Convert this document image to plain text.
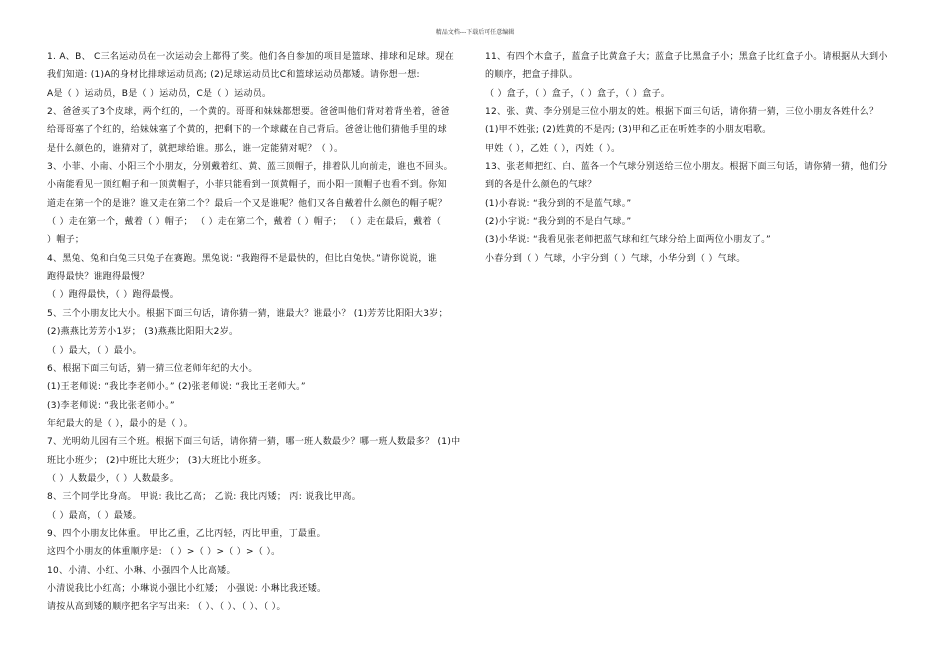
精品文档---下载后可任意编辑

1. A、B、 C三名运动员在一次运动会上都得了奖。他们各自参加的项目是篮球、排球和足球。现在

我们知道: (1)A的身材比排球运动员高; (2)足球运动员比C和篮球运动员都矮。请你想一想:

A是（ ）运动员，B是（ ）运动员，C是（ ）运动员。

2、爸爸买了3个皮球，两个红的，一个黄的。哥哥和妹妹都想要。爸爸叫他们背对着背坐着，爸爸

给哥哥塞了个红的，给妹妹塞了个黄的，把剩下的一个球藏在自己背后。爸爸让他们猜他手里的球

是什么颜色的，谁猜对了，就把球给谁。那么，谁一定能猜对呢？（ ）。

3、小菲、小南、小阳三个小朋友，分别戴着红、黄、蓝三顶帽子，排着队儿向前走，谁也不回头。

小南能看见一顶红帽子和一顶黄帽子，小菲只能看到一顶黄帽子，而小阳一顶帽子也看不到。你知

道走在第一个的是谁？谁又走在第二个？最后一个又是谁呢？他们又各自戴着什么颜色的帽子呢？

（ ）走在第一个，戴着（ ）帽子； （ ）走在第二个，戴着（ ）帽子； （ ）走在最后，戴着（

）帽子；

4、黑兔、兔和白兔三只兔子在赛跑。黑兔说: “我跑得不是最快的，但比白兔快。”请你说说，谁

跑得最快？谁跑得最慢？

（ ）跑得最快，（ ）跑得最慢。

5、三个小朋友比大小。根据下面三句话，请你猜一猜，谁最大？谁最小？ (1)芳芳比阳阳大3岁；

(2)燕燕比芳芳小1岁； (3)燕燕比阳阳大2岁。

（ ）最大，（ ）最小。

6、根据下面三句话，猜一猜三位老师年纪的大小。

(1)王老师说: “我比李老师小。” (2)张老师说: “我比王老师大。”

(3)李老师说: “我比张老师小。”

年纪最大的是（ ），最小的是（ ）。

7、光明幼儿园有三个班。根据下面三句话，请你猜一猜，哪一班人数最少？哪一班人数最多？ (1)中

班比小班少； (2)中班比大班少； (3)大班比小班多。

（ ）人数最少，（ ）人数最多。

8、三个同学比身高。 甲说: 我比乙高； 乙说: 我比丙矮； 丙: 说我比甲高。

（ ）最高，（ ）最矮。

9、四个小朋友比体重。 甲比乙重，乙比丙轻，丙比甲重，丁最重。

这四个小朋友的体重顺序是: （ ）>（ ）>（ ）>（ ）。

10、小清、小红、小琳、小强四个人比高矮。

小清说我比小红高；小琳说小强比小红矮； 小强说: 小琳比我还矮。

请按从高到矮的顺序把名字写出来: （ ）、（ ）、（ ）、（ ）。

11、有四个木盒子，蓝盒子比黄盒子大；蓝盒子比黑盒子小；黑盒子比红盒子小。请根据从大到小

的顺序，把盒子排队。

（ ）盒子，（ ）盒子，（ ）盒子，（ ）盒子。

12、张、黄、李分别是三位小朋友的姓。根据下面三句话，请你猜一猜，三位小朋友各姓什么？

(1)甲不姓张; (2)姓黄的不是丙; (3)甲和乙正在听姓李的小朋友唱歌。

甲姓（ ），乙姓（ ），丙姓（ ）。

13、张老师把红、白、蓝各一个气球分别送给三位小朋友。根据下面三句话，请你猜一猜，他们分

到的各是什么颜色的气球？

(1)小春说: “我分到的不是蓝气球。”

(2)小宇说: “我分到的不是白气球。”

(3)小华说: “我看见张老师把蓝气球和红气球分给上面两位小朋友了。”

小春分到（ ）气球，小宇分到（ ）气球，小华分到（ ）气球。
